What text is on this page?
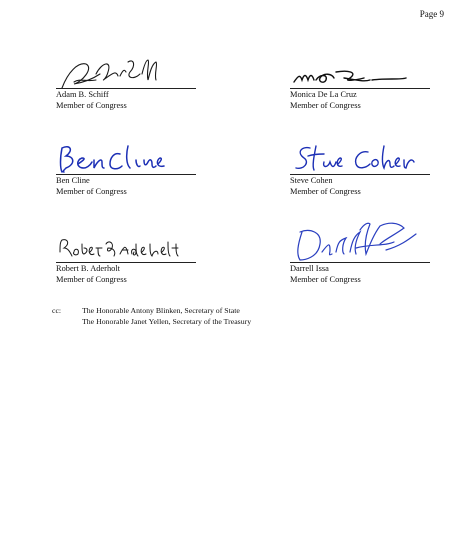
Page 9
Adam B. Schiff
Member of Congress
Monica De La Cruz
Member of Congress
Ben Cline
Member of Congress
Steve Cohen
Member of Congress
Robert B. Aderholt
Member of Congress
Darrell Issa
Member of Congress
cc:	The Honorable Antony Blinken, Secretary of State
The Honorable Janet Yellen, Secretary of the Treasury
